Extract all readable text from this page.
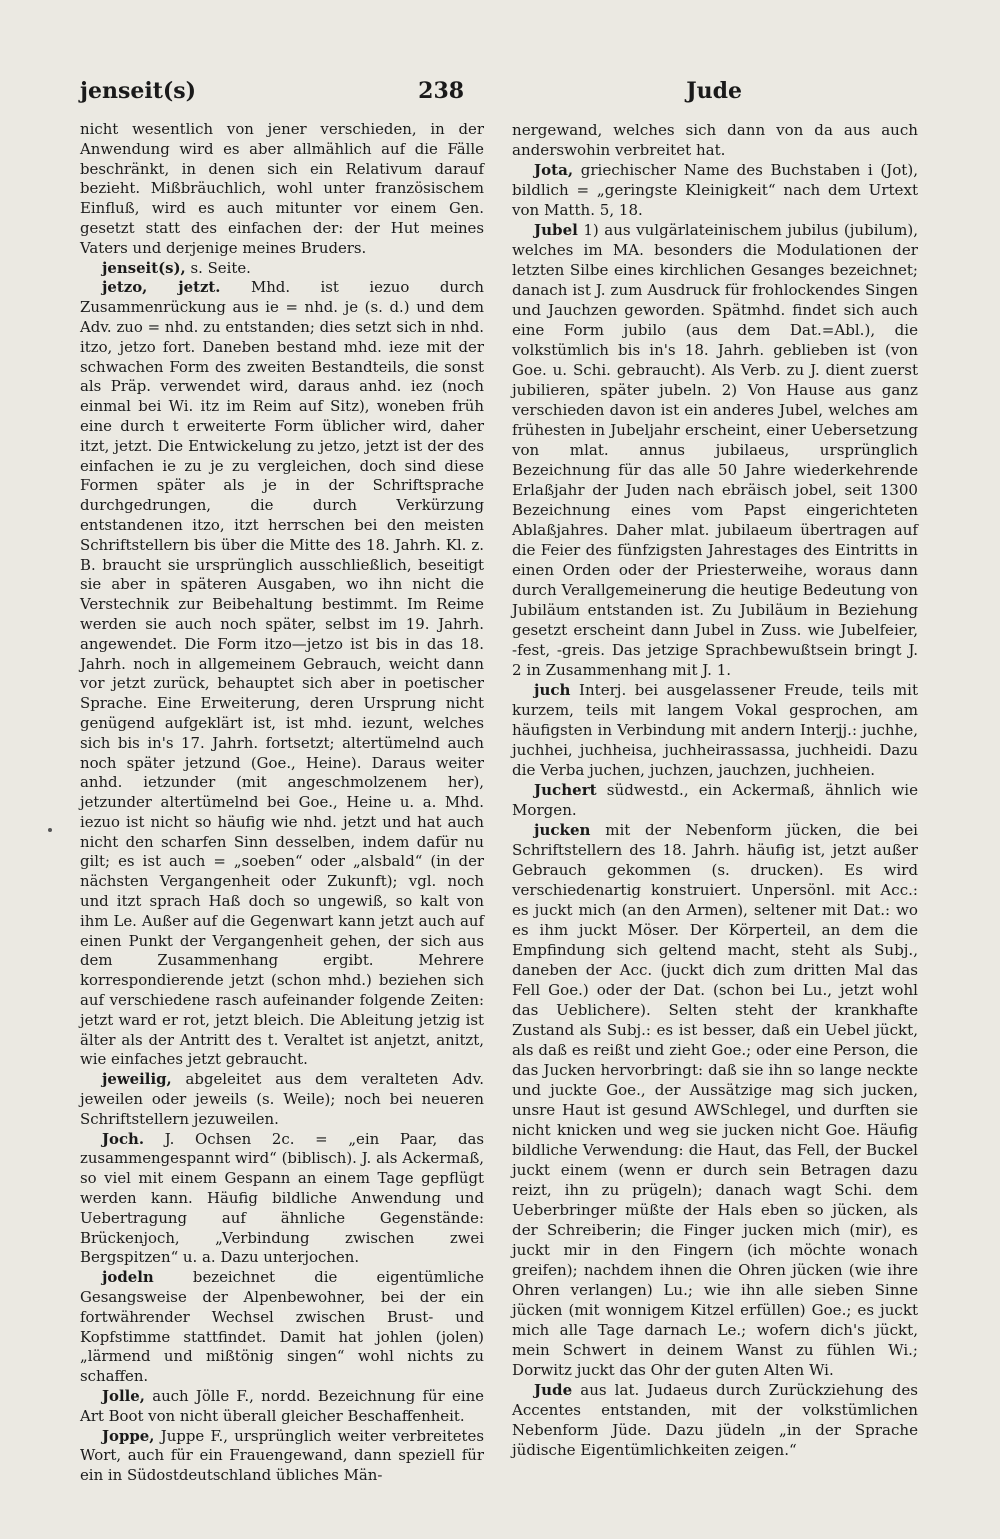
jenseit(s)	238	Jude

nicht wesentlich von jener verschieden, in der Anwendung wird es aber allmählich auf die Fälle beschränkt, in denen sich ein Relativum darauf bezieht. Mißbräuchlich, wohl unter französischem Einfluß, wird es auch mitunter vor einem Gen. gesetzt statt des einfachen der: der Hut meines Vaters und derjenige meines Bruders.

jenseit(s), s. Seite.

jetzo, jetzt. Mhd. ist iezuo durch Zusammenrückung aus ie = nhd. je (s. d.) und dem Adv. zuo = nhd. zu entstanden; dies setzt sich in nhd. itzo, jetzo fort. Daneben bestand mhd. ieze mit der schwachen Form des zweiten Bestandteils, die sonst als Präp. verwendet wird, daraus anhd. iez (noch einmal bei Wi. itz im Reim auf Sitz), woneben früh eine durch t erweiterte Form üblicher wird, daher itzt, jetzt. Die Entwickelung zu jetzo, jetzt ist der des einfachen ie zu je zu vergleichen, doch sind diese Formen später als je in der Schriftsprache durchgedrungen, die durch Verkürzung entstandenen itzo, itzt herrschen bei den meisten Schriftstellern bis über die Mitte des 18. Jahrh. Kl. z. B. braucht sie ursprünglich ausschließlich, beseitigt sie aber in späteren Ausgaben, wo ihn nicht die Verstechnik zur Beibehaltung bestimmt. Im Reime werden sie auch noch später, selbst im 19. Jahrh. angewendet. Die Form itzo—jetzo ist bis in das 18. Jahrh. noch in allgemeinem Gebrauch, weicht dann vor jetzt zurück, behauptet sich aber in poetischer Sprache. Eine Erweiterung, deren Ursprung nicht genügend aufgeklärt ist, ist mhd. iezunt, welches sich bis in's 17. Jahrh. fortsetzt; altertümelnd auch noch später jetzund (Goe., Heine). Daraus weiter anhd. ietzunder (mit angeschmolzenem her), jetzunder altertümelnd bei Goe., Heine u. a. Mhd. iezuo ist nicht so häufig wie nhd. jetzt und hat auch nicht den scharfen Sinn desselben, indem dafür nu gilt; es ist auch = „soeben“ oder „alsbald“ (in der nächsten Vergangenheit oder Zukunft); vgl. noch und itzt sprach Haß doch so ungewiß, so kalt von ihm Le. Außer auf die Gegenwart kann jetzt auch auf einen Punkt der Vergangenheit gehen, der sich aus dem Zusammenhang ergibt. Mehrere korrespondierende jetzt (schon mhd.) beziehen sich auf verschiedene rasch aufeinander folgende Zeiten: jetzt ward er rot, jetzt bleich. Die Ableitung jetzig ist älter als der Antritt des t. Veraltet ist anjetzt, anitzt, wie einfaches jetzt gebraucht.

jeweilig, abgeleitet aus dem veralteten Adv. jeweilen oder jeweils (s. Weile); noch bei neueren Schriftstellern jezuweilen.

Joch. J. Ochsen 2c. = „ein Paar, das zusammengespannt wird“ (biblisch). J. als Ackermaß, so viel mit einem Gespann an einem Tage gepflügt werden kann. Häufig bildliche Anwendung und Uebertragung auf ähnliche Gegenstände: Brückenjoch, „Verbindung zwischen zwei Bergspitzen“ u. a. Dazu unterjochen.

jodeln bezeichnet die eigentümliche Gesangsweise der Alpenbewohner, bei der ein fortwährender Wechsel zwischen Brust- und Kopfstimme stattfindet. Damit hat johlen (jolen) „lärmend und mißtönig singen“ wohl nichts zu schaffen.

Jolle, auch Jölle F., nordd. Bezeichnung für eine Art Boot von nicht überall gleicher Beschaffenheit.

Joppe, Juppe F., ursprünglich weiter verbreitetes Wort, auch für ein Frauengewand, dann speziell für ein in Südostdeutschland übliches Män-

nergewand, welches sich dann von da aus auch anderswohin verbreitet hat.

Jota, griechischer Name des Buchstaben i (Jot), bildlich = „geringste Kleinigkeit“ nach dem Urtext von Matth. 5, 18.

Jubel 1) aus vulgärlateinischem jubilus (jubilum), welches im MA. besonders die Modulationen der letzten Silbe eines kirchlichen Gesanges bezeichnet; danach ist J. zum Ausdruck für frohlockendes Singen und Jauchzen geworden. Spätmhd. findet sich auch eine Form jubilo (aus dem Dat.=Abl.), die volkstümlich bis in's 18. Jahrh. geblieben ist (von Goe. u. Schi. gebraucht). Als Verb. zu J. dient zuerst jubilieren, später jubeln. 2) Von Hause aus ganz verschieden davon ist ein anderes Jubel, welches am frühesten in Jubeljahr erscheint, einer Uebersetzung von mlat. annus jubilaeus, ursprünglich Bezeichnung für das alle 50 Jahre wiederkehrende Erlaßjahr der Juden nach ebräisch jobel, seit 1300 Bezeichnung eines vom Papst eingerichteten Ablaßjahres. Daher mlat. jubilaeum übertragen auf die Feier des fünfzigsten Jahrestages des Eintritts in einen Orden oder der Priesterweihe, woraus dann durch Verallgemeinerung die heutige Bedeutung von Jubiläum entstanden ist. Zu Jubiläum in Beziehung gesetzt erscheint dann Jubel in Zuss. wie Jubelfeier, -fest, -greis. Das jetzige Sprachbewußtsein bringt J. 2 in Zusammenhang mit J. 1.

juch Interj. bei ausgelassener Freude, teils mit kurzem, teils mit langem Vokal gesprochen, am häufigsten in Verbindung mit andern Interjj.: juchhe, juchhei, juchheisa, juchheirassassa, juchheidi. Dazu die Verba juchen, juchzen, jauchzen, juchheien.

Juchert südwestd., ein Ackermaß, ähnlich wie Morgen.

jucken mit der Nebenform jücken, die bei Schriftstellern des 18. Jahrh. häufig ist, jetzt außer Gebrauch gekommen (s. drucken). Es wird verschiedenartig konstruiert. Unpersönl. mit Acc.: es juckt mich (an den Armen), seltener mit Dat.: wo es ihm juckt Möser. Der Körperteil, an dem die Empfindung sich geltend macht, steht als Subj., daneben der Acc. (juckt dich zum dritten Mal das Fell Goe.) oder der Dat. (schon bei Lu., jetzt wohl das Ueblichere). Selten steht der krankhafte Zustand als Subj.: es ist besser, daß ein Uebel jückt, als daß es reißt und zieht Goe.; oder eine Person, die das Jucken hervorbringt: daß sie ihn so lange neckte und juckte Goe., der Aussätzige mag sich jucken, unsre Haut ist gesund AWSchlegel, und durften sie nicht knicken und weg sie jucken nicht Goe. Häufig bildliche Verwendung: die Haut, das Fell, der Buckel juckt einem (wenn er durch sein Betragen dazu reizt, ihn zu prügeln); danach wagt Schi. dem Ueberbringer müßte der Hals eben so jücken, als der Schreiberin; die Finger jucken mich (mir), es juckt mir in den Fingern (ich möchte wonach greifen); nachdem ihnen die Ohren jücken (wie ihre Ohren verlangen) Lu.; wie ihn alle sieben Sinne jücken (mit wonnigem Kitzel erfüllen) Goe.; es juckt mich alle Tage darnach Le.; wofern dich's jückt, mein Schwert in deinem Wanst zu fühlen Wi.; Dorwitz juckt das Ohr der guten Alten Wi.

Jude aus lat. Judaeus durch Zurückziehung des Accentes entstanden, mit der volkstümlichen Nebenform Jüde. Dazu jüdeln „in der Sprache jüdische Eigentümlichkeiten zeigen.“
